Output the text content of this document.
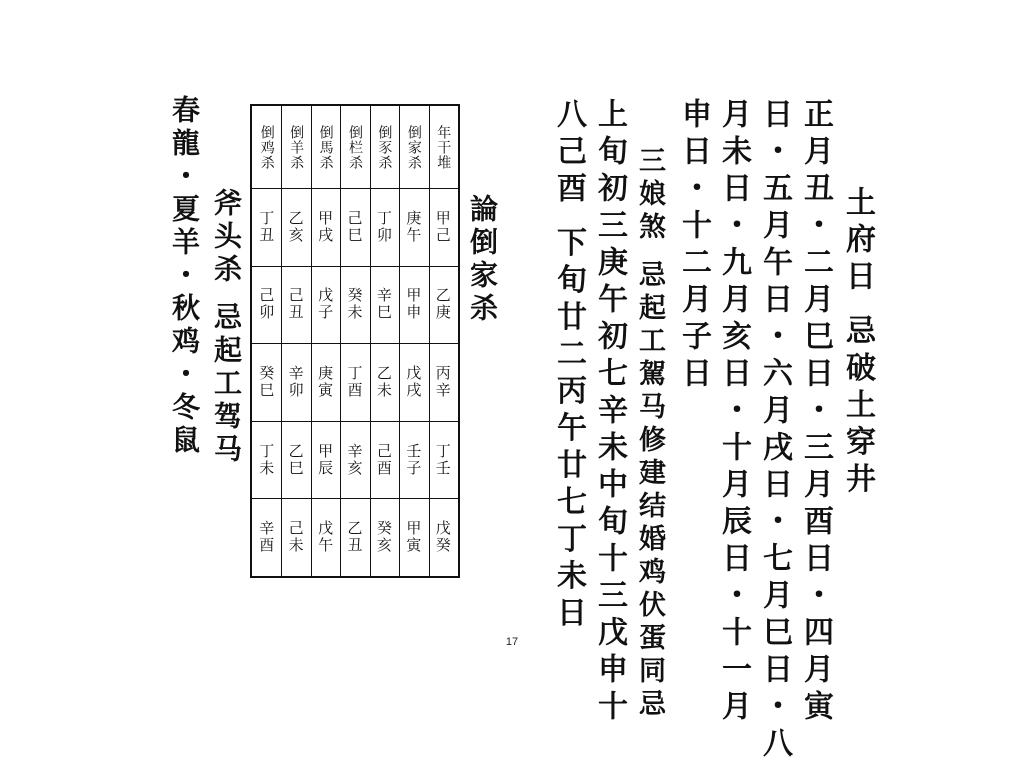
土府日 忌破土穿井
正月丑・二月巳日・三月酉日・四月寅
日・五月午日・六月戌日・七月巳日・八
月未日・九月亥日・十月辰日・十一月
申日・十二月子日
三娘煞 忌起工駕马修建结婚鸡伏蛋同忌
上旬初三庚午初七辛未中旬十三戊申十
八己酉 下旬廿二丙午廿七丁未日
論倒家杀
年干堆
甲己
乙庚
丙辛
丁壬
戊癸
倒家杀
庚午
甲申
戊戌
壬子
甲寅
倒豕杀
丁卯
辛巳
乙未
己酉
癸亥
倒栏杀
己巳
癸未
丁酉
辛亥
乙丑
倒馬杀
甲戌
戊子
庚寅
甲辰
戊午
倒羊杀
乙亥
己丑
辛卯
乙巳
己未
倒鸡杀
丁丑
己卯
癸巳
丁未
辛酉
斧头杀 忌起工驾马
春龍・夏羊・秋鸡・冬鼠
17
